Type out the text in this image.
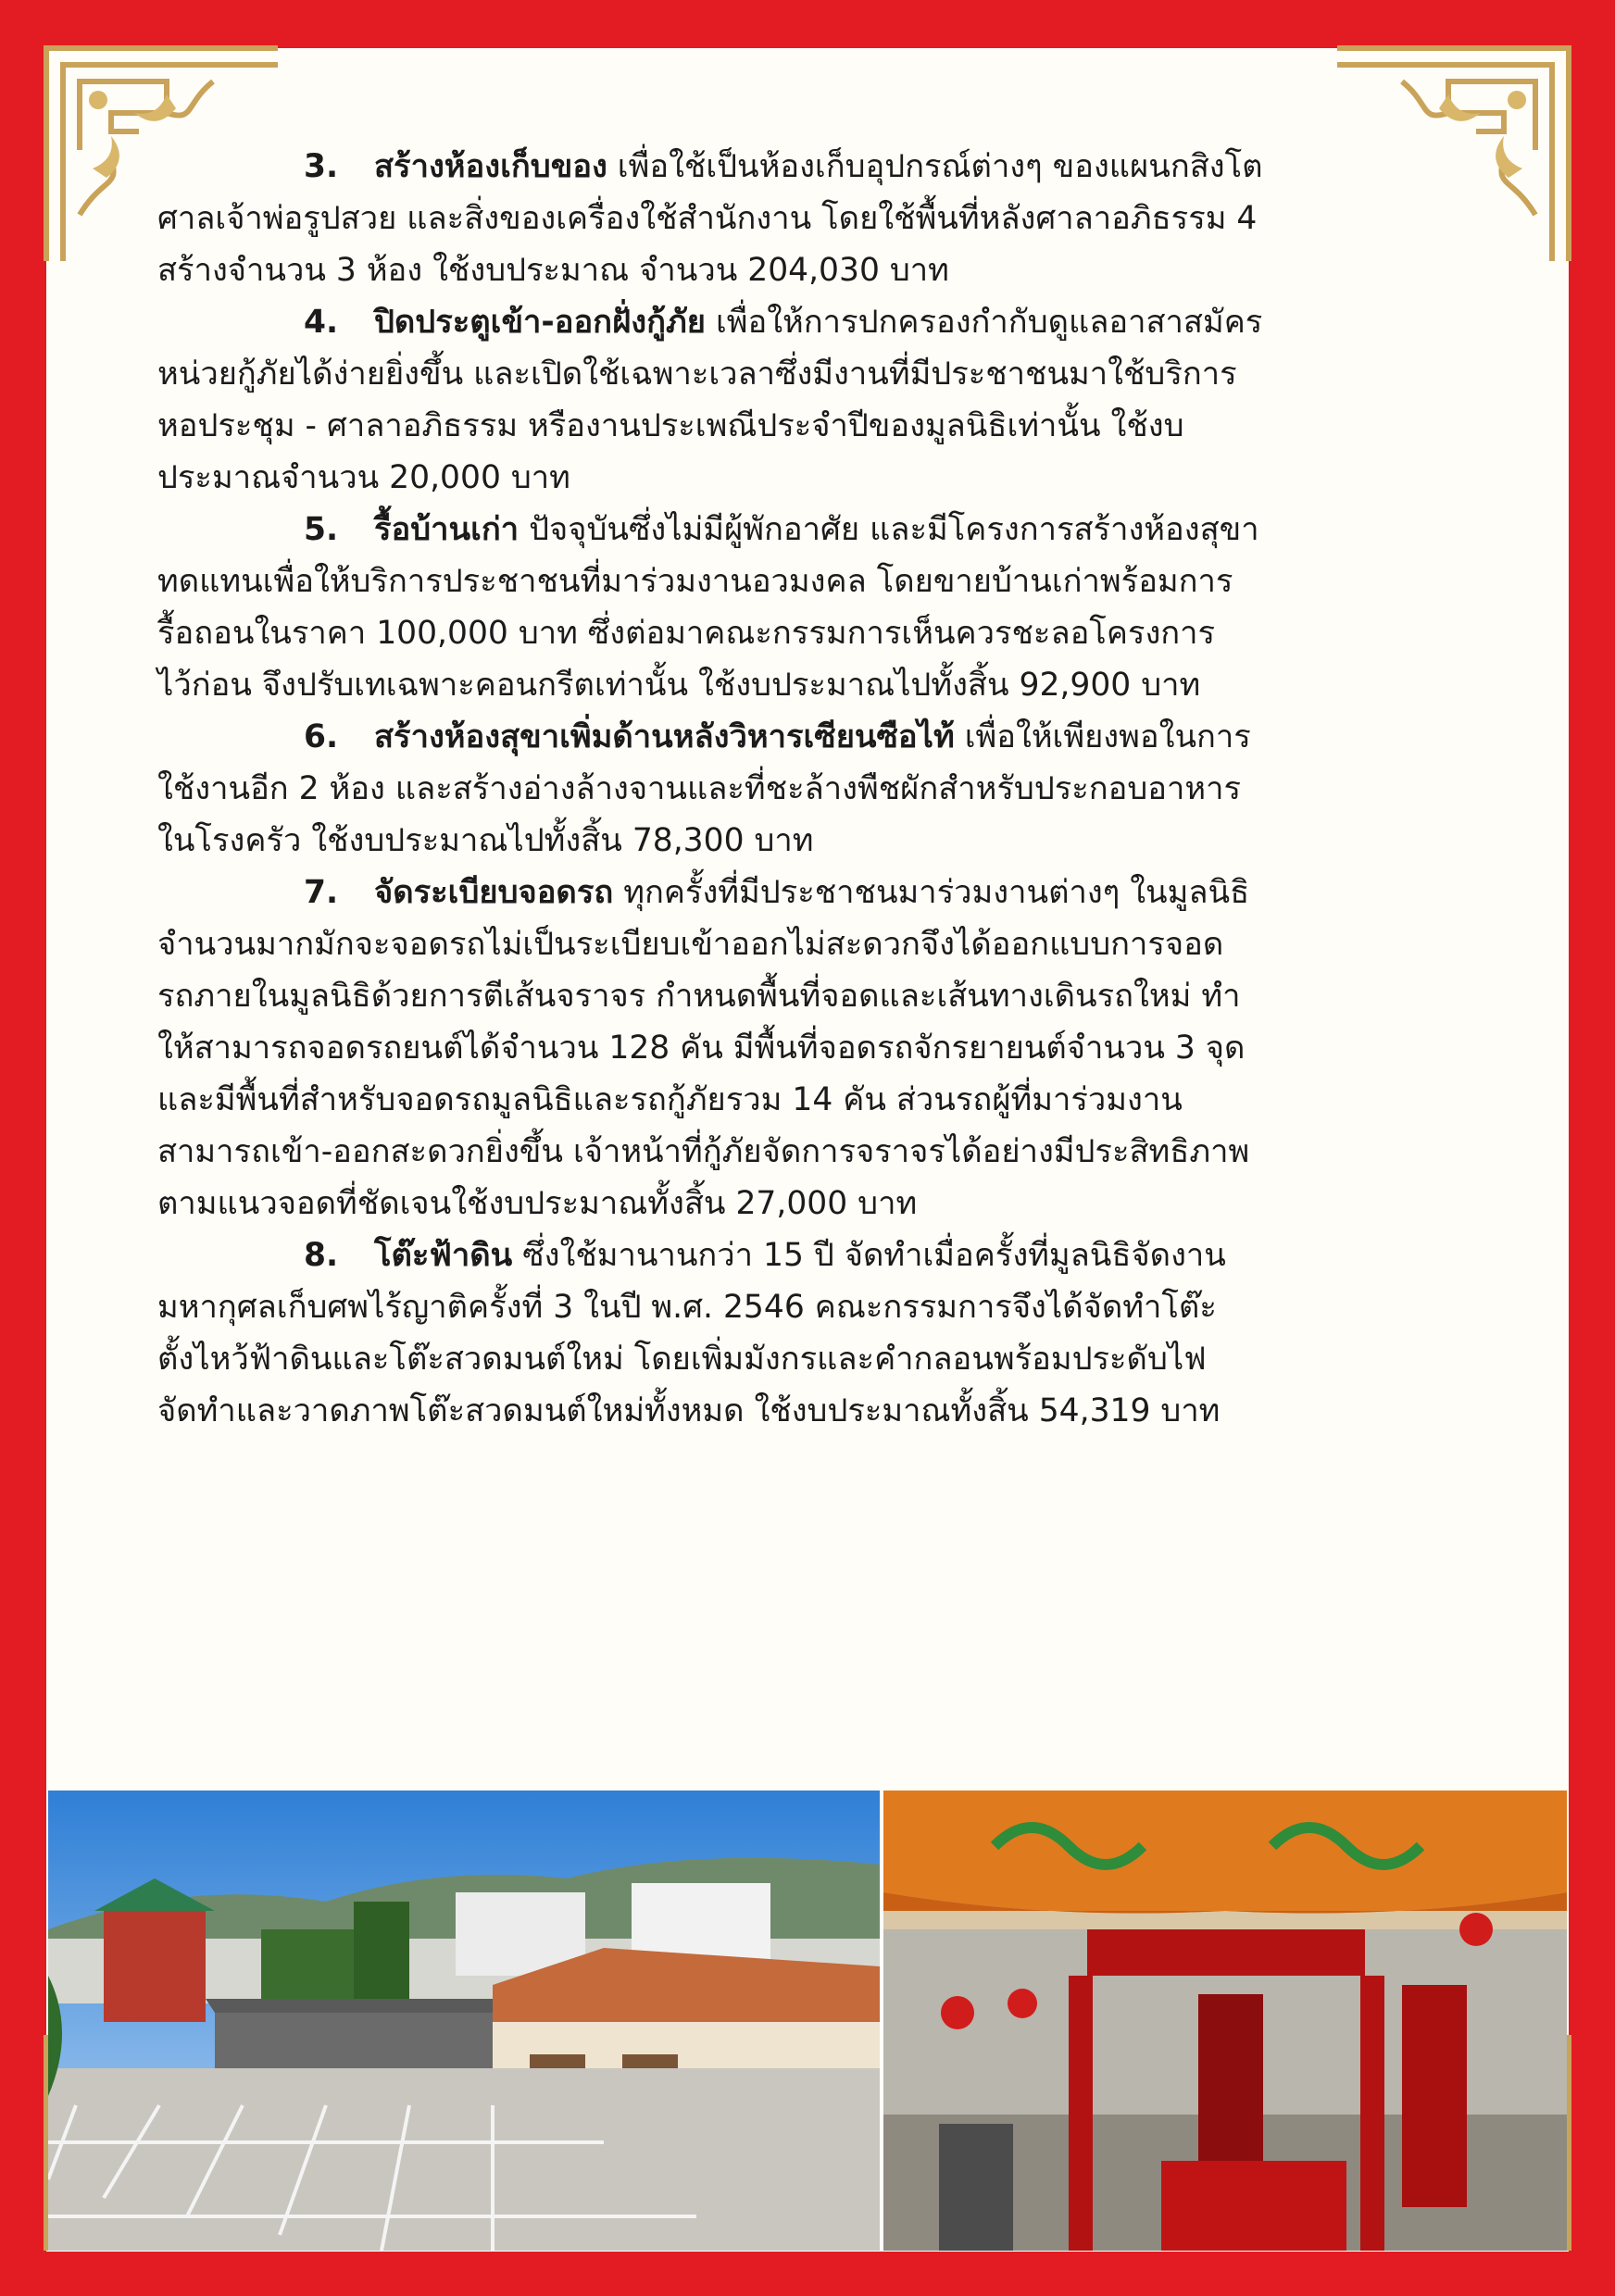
3. สร้างห้องเก็บของ เพื่อใช้เป็นห้องเก็บอุปกรณ์ต่างๆ ของแผนกสิงโต
ศาลเจ้าพ่อรูปสวย และสิ่งของเครื่องใช้สำนักงาน โดยใช้พื้นที่หลังศาลาอภิธรรม 4
สร้างจำนวน 3 ห้อง ใช้งบประมาณ จำนวน 204,030 บาท
4. ปิดประตูเข้า-ออกฝั่งกู้ภัย เพื่อให้การปกครองกำกับดูแลอาสาสมัคร
หน่วยกู้ภัยได้ง่ายยิ่งขึ้น และเปิดใช้เฉพาะเวลาซึ่งมีงานที่มีประชาชนมาใช้บริการ
หอประชุม - ศาลาอภิธรรม หรืองานประเพณีประจำปีของมูลนิธิเท่านั้น ใช้งบ
ประมาณจำนวน 20,000 บาท
5. รื้อบ้านเก่า ปัจจุบันซึ่งไม่มีผู้พักอาศัย และมีโครงการสร้างห้องสุขา
ทดแทนเพื่อให้บริการประชาชนที่มาร่วมงานอวมงคล โดยขายบ้านเก่าพร้อมการ
รื้อถอนในราคา 100,000 บาท ซึ่งต่อมาคณะกรรมการเห็นควรชะลอโครงการ
ไว้ก่อน จึงปรับเทเฉพาะคอนกรีตเท่านั้น ใช้งบประมาณไปทั้งสิ้น 92,900 บาท
6. สร้างห้องสุขาเพิ่มด้านหลังวิหารเซียนซือไท้ เพื่อให้เพียงพอในการ
ใช้งานอีก 2 ห้อง และสร้างอ่างล้างจานและที่ชะล้างพืชผักสำหรับประกอบอาหาร
ในโรงครัว ใช้งบประมาณไปทั้งสิ้น 78,300 บาท
7. จัดระเบียบจอดรถ ทุกครั้งที่มีประชาชนมาร่วมงานต่างๆ ในมูลนิธิ
จำนวนมากมักจะจอดรถไม่เป็นระเบียบเข้าออกไม่สะดวกจึงได้ออกแบบการจอด
รถภายในมูลนิธิด้วยการตีเส้นจราจร กำหนดพื้นที่จอดและเส้นทางเดินรถใหม่ ทำ
ให้สามารถจอดรถยนต์ได้จำนวน 128 คัน มีพื้นที่จอดรถจักรยายนต์จำนวน 3 จุด
และมีพื้นที่สำหรับจอดรถมูลนิธิและรถกู้ภัยรวม 14 คัน ส่วนรถผู้ที่มาร่วมงาน
สามารถเข้า-ออกสะดวกยิ่งขึ้น เจ้าหน้าที่กู้ภัยจัดการจราจรได้อย่างมีประสิทธิภาพ
ตามแนวจอดที่ชัดเจนใช้งบประมาณทั้งสิ้น 27,000 บาท
8. โต๊ะฟ้าดิน ซึ่งใช้มานานกว่า 15 ปี จัดทำเมื่อครั้งที่มูลนิธิจัดงาน
มหากุศลเก็บศพไร้ญาติครั้งที่ 3 ในปี พ.ศ. 2546 คณะกรรมการจึงได้จัดทำโต๊ะ
ตั้งไหว้ฟ้าดินและโต๊ะสวดมนต์ใหม่ โดยเพิ่มมังกรและคำกลอนพร้อมประดับไฟ
จัดทำและวาดภาพโต๊ะสวดมนต์ใหม่ทั้งหมด ใช้งบประมาณทั้งสิ้น 54,319 บาท
